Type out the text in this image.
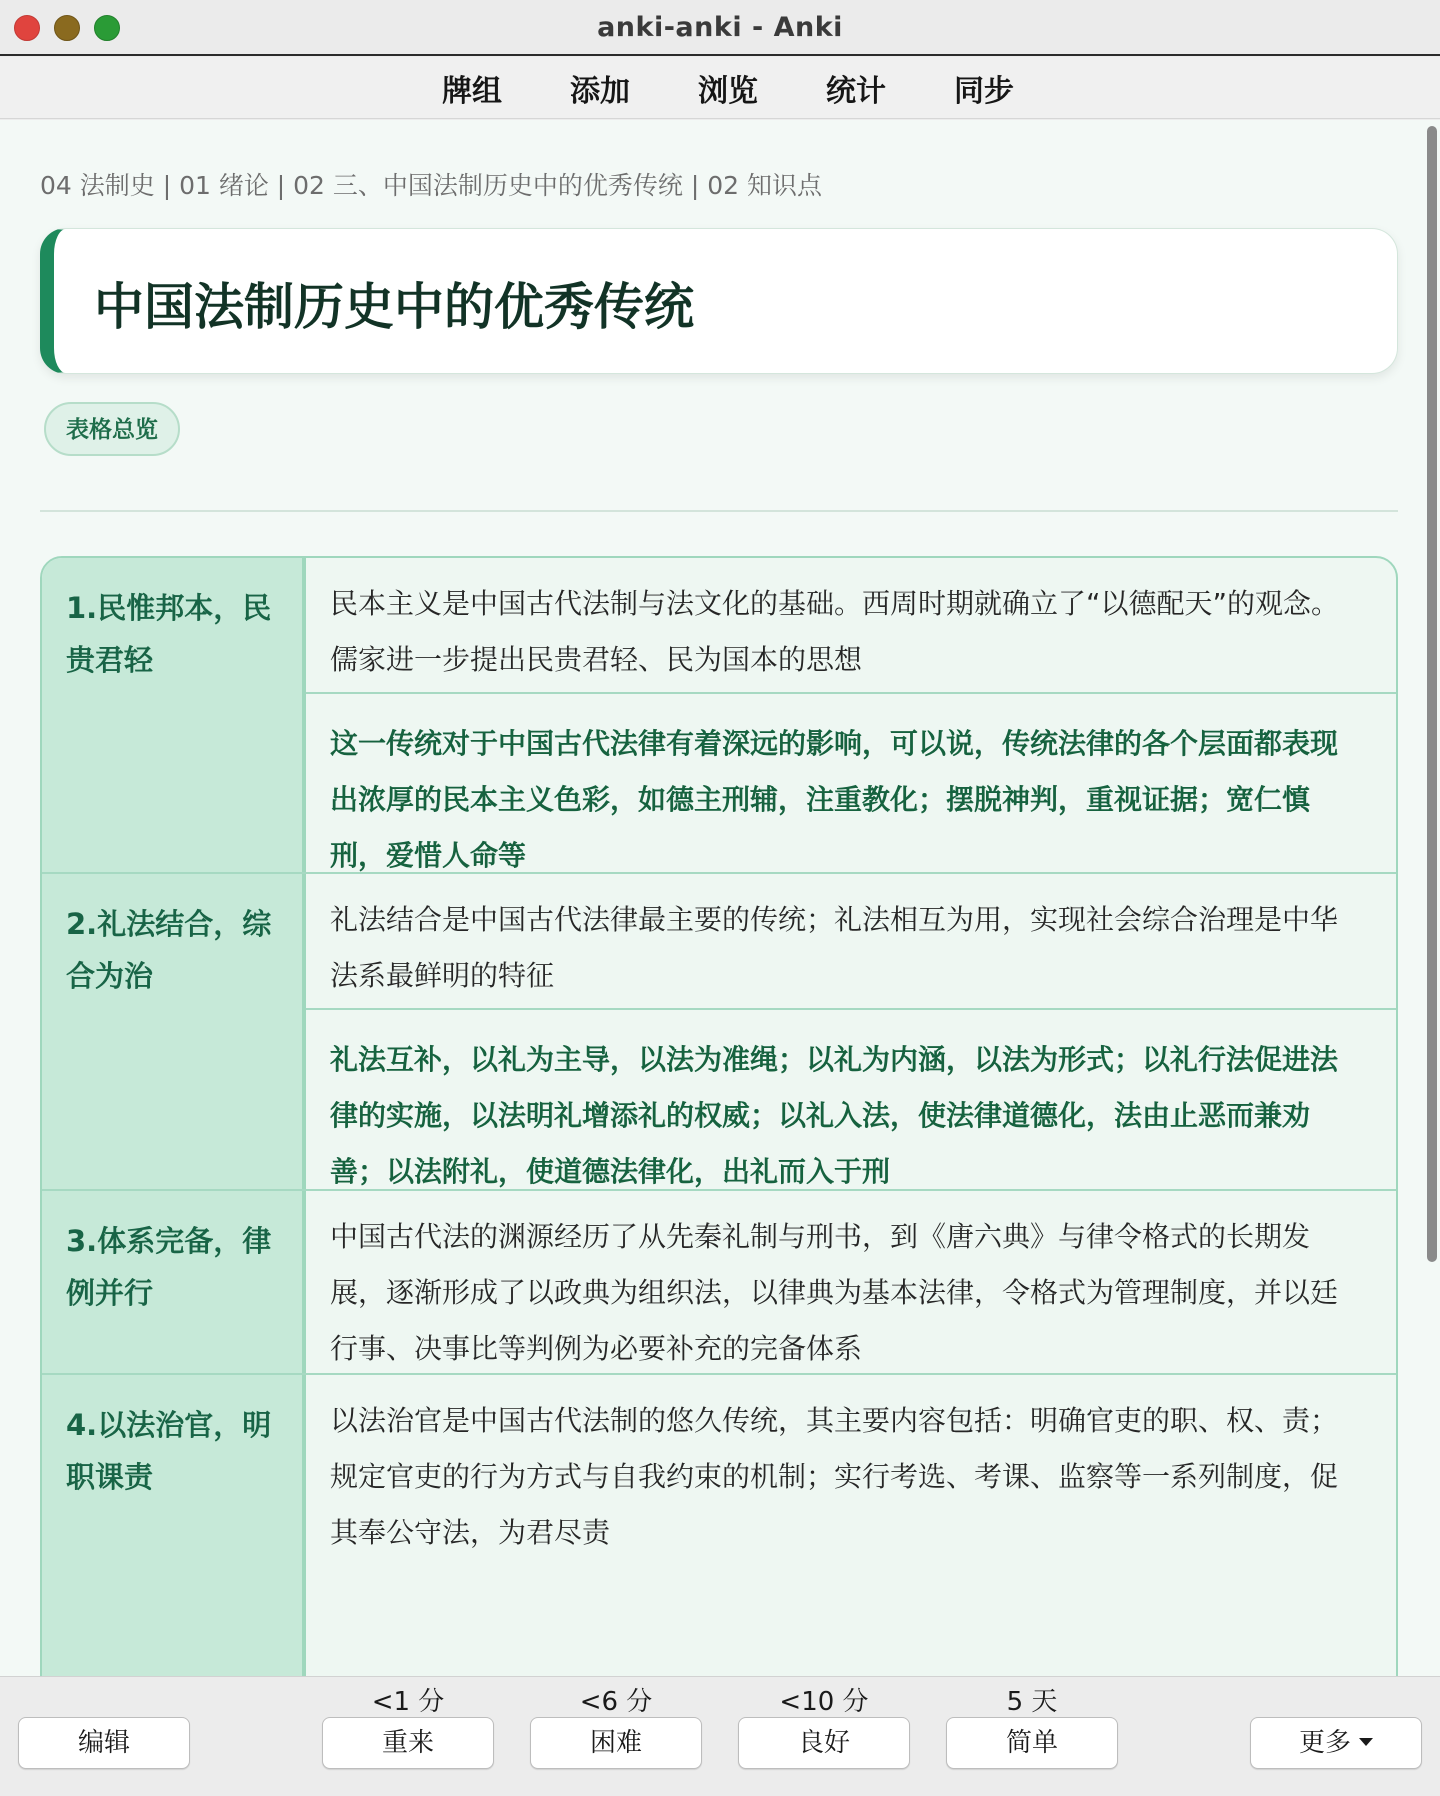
anki-anki - Anki
牌组 添加 浏览 统计 同步
04 法制史 | 01 绪论 | 02 三、中国法制历史中的优秀传统 | 02 知识点
中国法制历史中的优秀传统
表格总览
1.民惟邦本，民贵君轻
民本主义是中国古代法制与法文化的基础。西周时期就确立了“以德配天”的观念。儒家进一步提出民贵君轻、民为国本的思想
这一传统对于中国古代法律有着深远的影响，可以说，传统法律的各个层面都表现出浓厚的民本主义色彩，如德主刑辅，注重教化；摆脱神判，重视证据；宽仁慎刑，爱惜人命等
2.礼法结合，综合为治
礼法结合是中国古代法律最主要的传统；礼法相互为用，实现社会综合治理是中华法系最鲜明的特征
礼法互补，以礼为主导，以法为准绳；以礼为内涵，以法为形式；以礼行法促进法律的实施，以法明礼增添礼的权威；以礼入法，使法律道德化，法由止恶而兼劝善；以法附礼，使道德法律化，出礼而入于刑
3.体系完备，律例并行
中国古代法的渊源经历了从先秦礼制与刑书，到《唐六典》与律令格式的长期发展，逐渐形成了以政典为组织法，以律典为基本法律，令格式为管理制度，并以廷行事、决事比等判例为必要补充的完备体系
4.以法治官，明职课责
以法治官是中国古代法制的悠久传统，其主要内容包括：明确官吏的职、权、责；规定官吏的行为方式与自我约束的机制；实行考选、考课、监察等一系列制度，促其奉公守法，为君尽责
编辑
<1 分
重来
<6 分
困难
<10 分
良好
5 天
简单	更多
